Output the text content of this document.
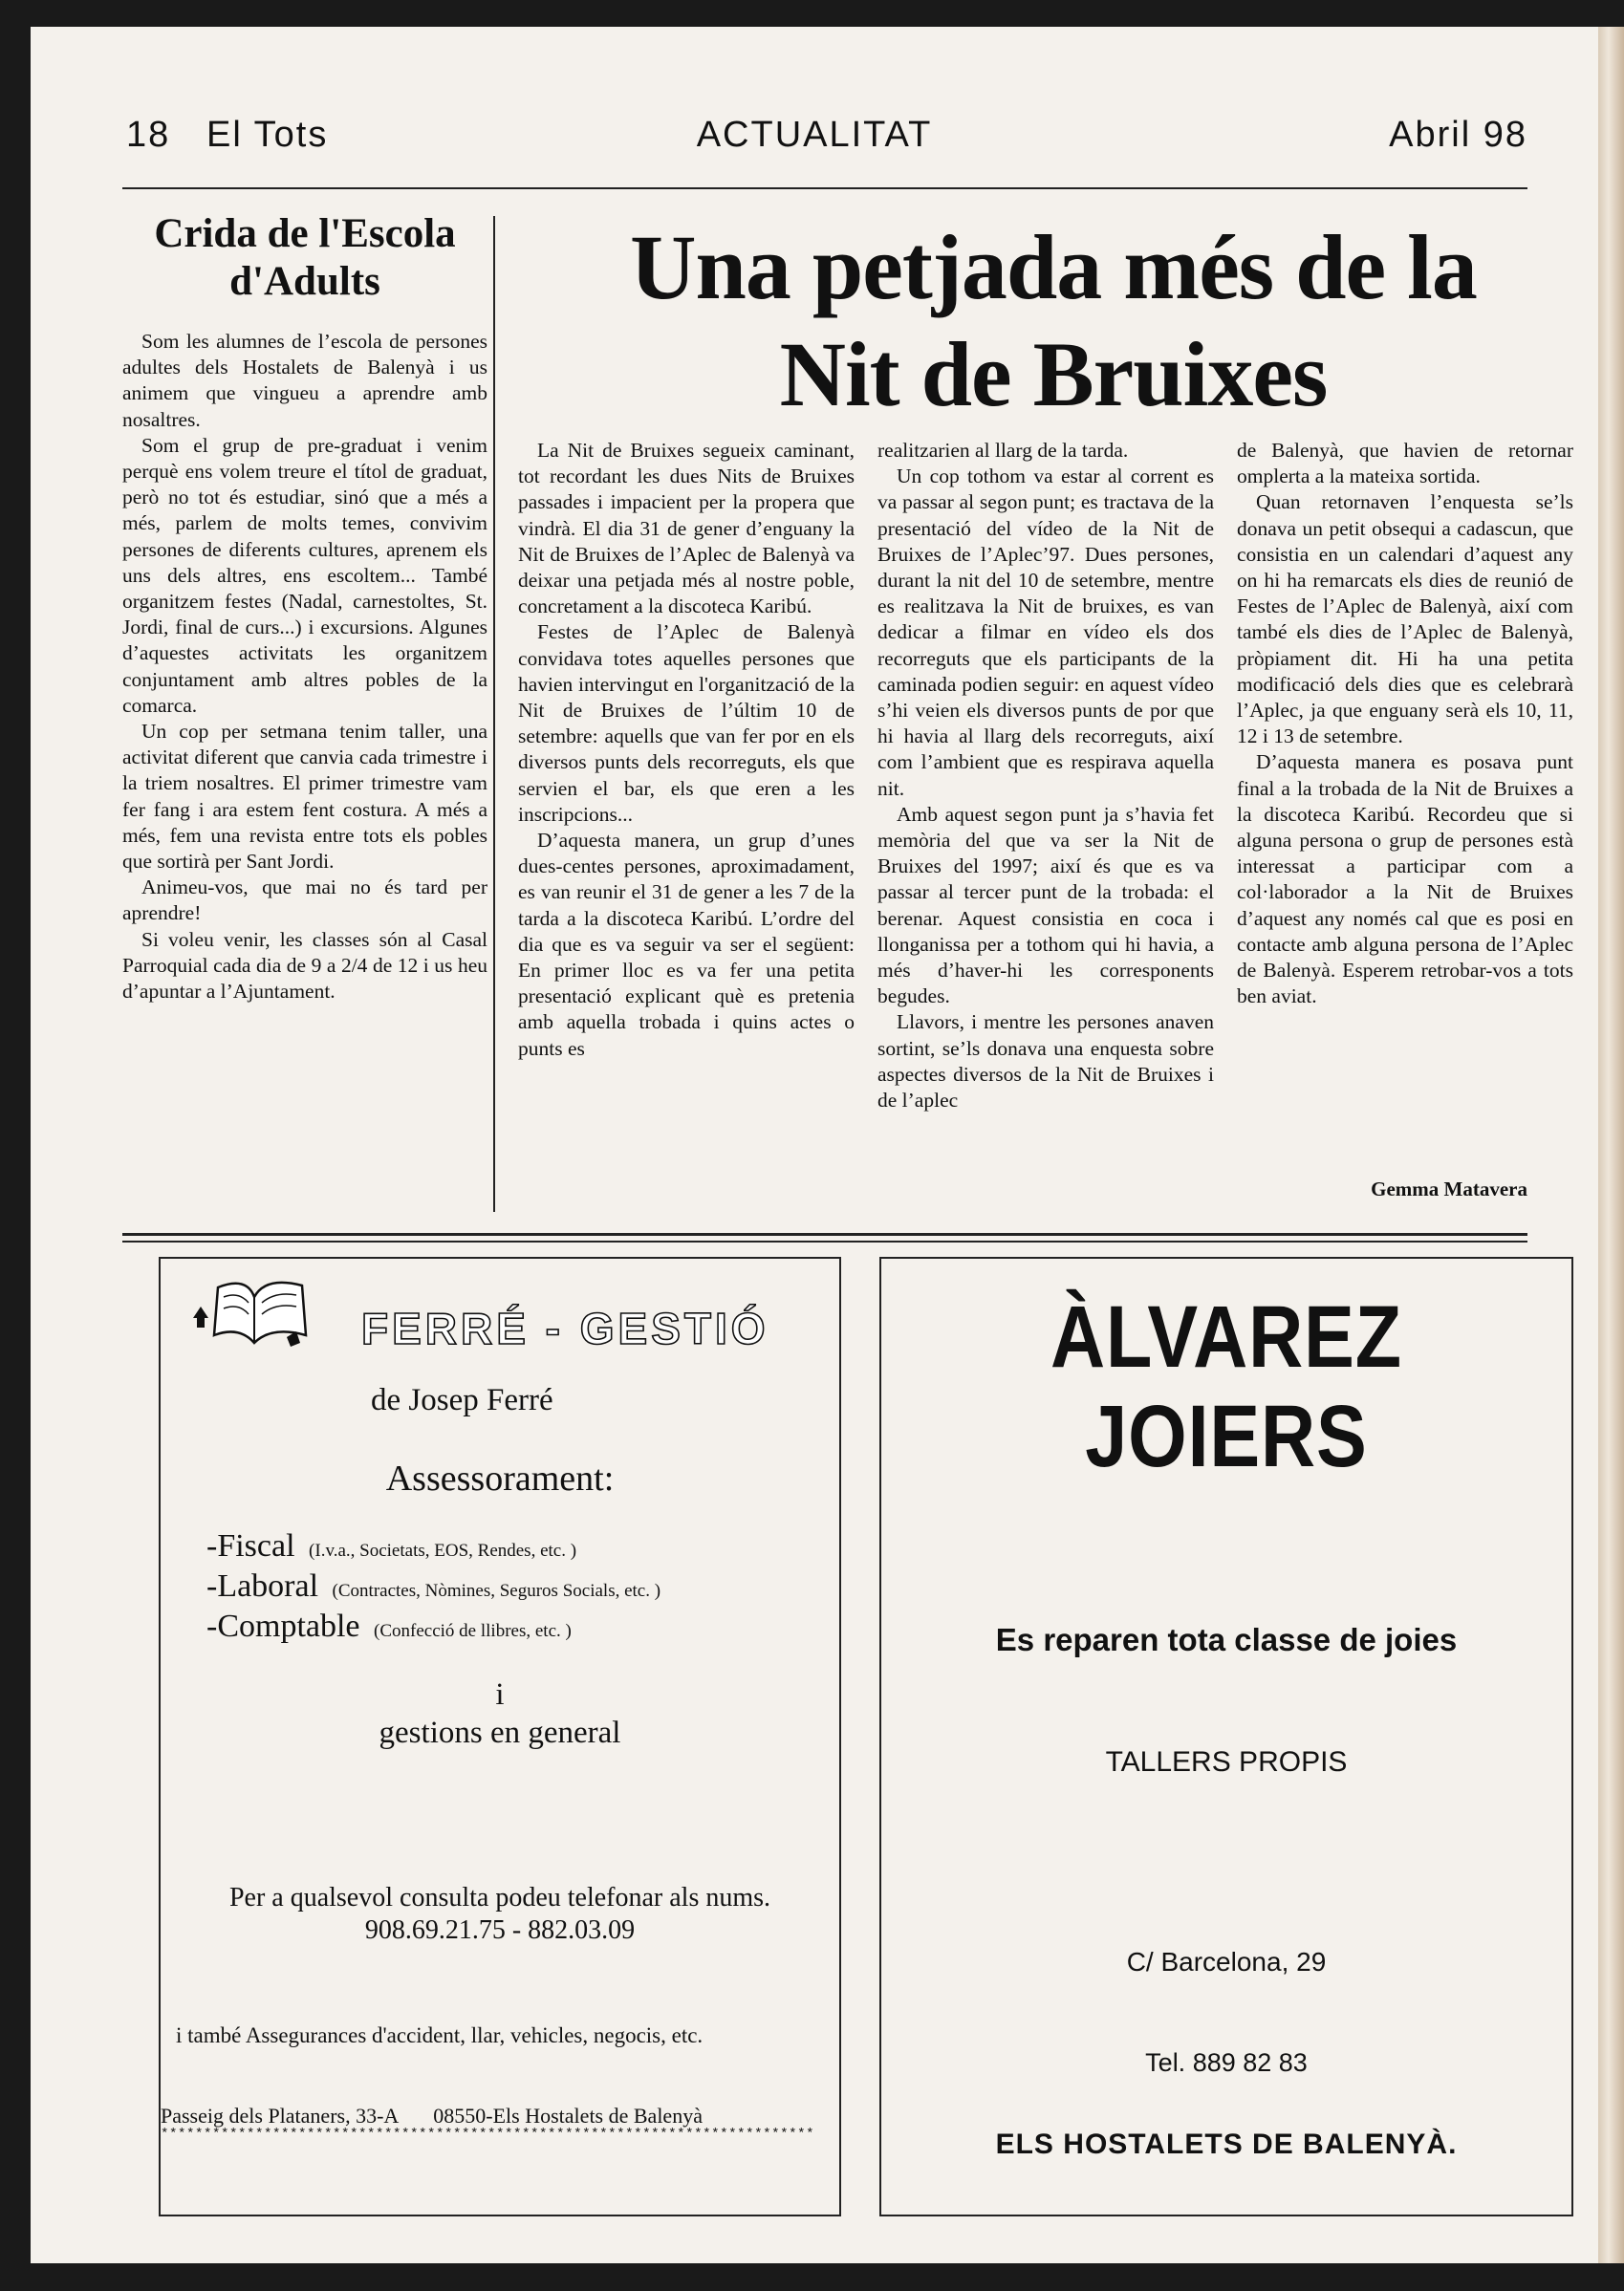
ACTUALITAT
18 El Tots	Abril 98
Crida de l'Escola
d'Adults

Som les alumnes de l’escola de persones adultes dels Hostalets de Balenyà i us animem que vingueu a aprendre amb nosaltres.

Som el grup de pre-graduat i venim perquè ens volem treure el títol de graduat, però no tot és estudiar, sinó que a més a més, parlem de molts temes, convivim persones de diferents cultures, aprenem els uns dels altres, ens escoltem... També organitzem festes (Nadal, carnestoltes, St. Jordi, final de curs...) i excursions. Algunes d’aquestes activitats les organitzem conjuntament amb altres pobles de la comarca.

Un cop per setmana tenim taller, una activitat diferent que canvia cada trimestre i la triem nosaltres. El primer trimestre vam fer fang i ara estem fent costura. A més a més, fem una revista entre tots els pobles que sortirà per Sant Jordi.

Animeu-vos, que mai no és tard per aprendre!

Si voleu venir, les classes són al Casal Parroquial cada dia de 9 a 2/4 de 12 i us heu d’apuntar a l’Ajuntament.

Una petjada més de la
Nit de Bruixes

La Nit de Bruixes segueix caminant, tot recordant les dues Nits de Bruixes passades i impacient per la propera que vindrà. El dia 31 de gener d’enguany la Nit de Bruixes de l’Aplec de Balenyà va deixar una petjada més al nostre poble, concretament a la discoteca Karibú.

Festes de l’Aplec de Balenyà convidava totes aquelles persones que havien intervingut en l'organització de la Nit de Bruixes de l’últim 10 de setembre: aquells que van fer por en els diversos punts dels recorreguts, els que servien el bar, els que eren a les inscripcions...

D’aquesta manera, un grup d’unes dues-centes persones, aproximadament, es van reunir el 31 de gener a les 7 de la tarda a la discoteca Karibú. L’ordre del dia que es va seguir va ser el següent: En primer lloc es va fer una petita presentació explicant què es pretenia amb aquella trobada i quins actes o punts es

realitzarien al llarg de la tarda.

Un cop tothom va estar al corrent es va passar al segon punt; es tractava de la presentació del vídeo de la Nit de Bruixes de l’Aplec’97. Dues persones, durant la nit del 10 de setembre, mentre es realitzava la Nit de bruixes, es van dedicar a filmar en vídeo els dos recorreguts que els participants de la caminada podien seguir: en aquest vídeo s’hi veien els diversos punts de por que hi havia al llarg dels recorreguts, així com l’ambient que es respirava aquella nit.

Amb aquest segon punt ja s’havia fet memòria del que va ser la Nit de Bruixes del 1997; així és que es va passar al tercer punt de la trobada: el berenar. Aquest consistia en coca i llonganissa per a tothom qui hi havia, a més d’haver-hi les corresponents begudes.

Llavors, i mentre les persones anaven sortint, se’ls donava una enquesta sobre aspectes diversos de la Nit de Bruixes i de l’aplec

de Balenyà, que havien de retornar omplerta a la mateixa sortida.

Quan retornaven l’enquesta se’ls donava un petit obsequi a cadascun, que consistia en un calendari d’aquest any on hi ha remarcats els dies de reunió de Festes de l’Aplec de Balenyà, així com també els dies de l’Aplec de Balenyà, pròpiament dit. Hi ha una petita modificació dels dies que es celebrarà l’Aplec, ja que enguany serà els 10, 11, 12 i 13 de setembre.

D’aquesta manera es posava punt final a la trobada de la Nit de Bruixes a la discoteca Karibú. Recordeu que si alguna persona o grup de persones està interessat a participar com a col·laborador a la Nit de Bruixes d’aquest any només cal que es posi en contacte amb alguna persona de l’Aplec de Balenyà. Esperem retrobar-vos a tots ben aviat.

Gemma Matavera
FERRÉ - GESTIÓ
de Josep Ferré
Assessorament:
-Fiscal (I.v.a., Societats, EOS, Rendes, etc. )
-Laboral (Contractes, Nòmines, Seguros Socials, etc. )
-Comptable (Confecció de llibres, etc. )
i
gestions en general
Per a qualsevol consulta podeu telefonar als nums.
908.69.21.75 - 882.03.09
i també Assegurances d'accident, llar, vehicles, negocis, etc.
Passeig dels Plataners, 33-A 08550-Els Hostalets de Balenyà
****************************************************************************
ÀLVAREZ
JOIERS
Es reparen tota classe de joies
TALLERS PROPIS
C/ Barcelona, 29
Tel. 889 82 83
ELS HOSTALETS DE BALENYÀ.
